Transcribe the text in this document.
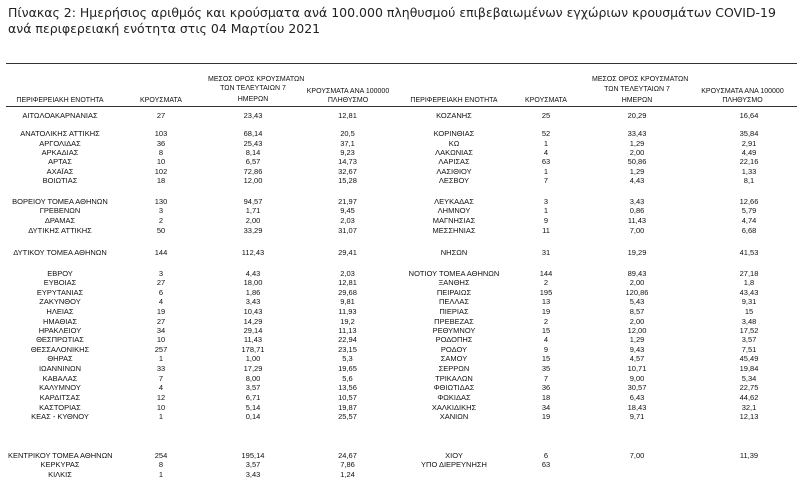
Πίνακας 2: Ημερήσιος αριθμός και κρούσματα ανά 100.000 πληθυσμού επιβεβαιωμένων εγχώριων κρουσμάτων COVID-19 ανά περιφερειακή ενότητα στις 04 Μαρτίου 2021
ΠΕΡΙΦΕΡΕΙΑΚΗ ΕΝΟΤΗΤΑ	ΚΡΟΥΣΜΑΤΑ
ΜΕΣΟΣ ΟΡΟΣ ΚΡΟΥΣΜΑΤΩΝ
ΤΩΝ ΤΕΛΕΥΤΑΙΩΝ 7
ΗΜΕΡΩΝ
ΚΡΟΥΣΜΑΤΑ ΑΝΑ 100000
ΠΛΗΘΥΣΜΟ	ΠΕΡΙΦΕΡΕΙΑΚΗ ΕΝΟΤΗΤΑ	ΚΡΟΥΣΜΑΤΑ
ΜΕΣΟΣ ΟΡΟΣ ΚΡΟΥΣΜΑΤΩΝ
ΤΩΝ ΤΕΛΕΥΤΑΙΩΝ 7
ΗΜΕΡΩΝ
ΚΡΟΥΣΜΑΤΑ ΑΝΑ 100000
ΠΛΗΘΥΣΜΟ
ΑΙΤΩΛΟΑΚΑΡΝΑΝΙΑΣ	27	23,43	12,81
ΑΝΑΤΟΛΙΚΗΣ ΑΤΤΙΚΗΣ	103	68,14	20,5
ΑΡΓΟΛΙΔΑΣ	36	25,43	37,1
ΑΡΚΑΔΙΑΣ	8	8,14	9,23
ΑΡΤΑΣ	10	6,57	14,73
ΑΧΑΪΑΣ	102	72,86	32,67
ΒΟΙΩΤΙΑΣ	18	12,00	15,28
ΒΟΡΕΙΟΥ ΤΟΜΕΑ ΑΘΗΝΩΝ	130	94,57	21,97
ΓΡΕΒΕΝΩΝ	3	1,71	9,45
ΔΡΑΜΑΣ	2	2,00	2,03
ΔΥΤΙΚΗΣ ΑΤΤΙΚΗΣ	50	33,29	31,07
ΔΥΤΙΚΟΥ ΤΟΜΕΑ ΑΘΗΝΩΝ	144	112,43	29,41
ΕΒΡΟΥ	3	4,43	2,03
ΕΥΒΟΙΑΣ	27	18,00	12,81
ΕΥΡΥΤΑΝΙΑΣ	6	1,86	29,68
ΖΑΚΥΝΘΟΥ	4	3,43	9,81
ΗΛΕΙΑΣ	19	10,43	11,93
ΗΜΑΘΙΑΣ	27	14,29	19,2
ΗΡΑΚΛΕΙΟΥ	34	29,14	11,13
ΘΕΣΠΡΩΤΙΑΣ	10	11,43	22,94
ΘΕΣΣΑΛΟΝΙΚΗΣ	257	178,71	23,15
ΘΗΡΑΣ	1	1,00	5,3
ΙΩΑΝΝΙΝΩΝ	33	17,29	19,65
ΚΑΒΑΛΑΣ	7	8,00	5,6
ΚΑΛΥΜΝΟΥ	4	3,57	13,56
ΚΑΡΔΙΤΣΑΣ	12	6,71	10,57
ΚΑΣΤΟΡΙΑΣ	10	5,14	19,87
ΚΕΑΣ - ΚΥΘΝΟΥ	1	0,14	25,57
ΚΕΝΤΡΙΚΟΥ ΤΟΜΕΑ ΑΘΗΝΩΝ	254	195,14	24,67
ΚΕΡΚΥΡΑΣ	8	3,57	7,86
ΚΙΛΚΙΣ	1	3,43	1,24
ΚΟΖΑΝΗΣ	25	20,29	16,64
ΚΟΡΙΝΘΙΑΣ	52	33,43	35,84
ΚΩ	1	1,29	2,91
ΛΑΚΩΝΙΑΣ	4	2,00	4,49
ΛΑΡΙΣΑΣ	63	50,86	22,16
ΛΑΣΙΘΙΟΥ	1	1,29	1,33
ΛΕΣΒΟΥ	7	4,43	8,1
ΛΕΥΚΑΔΑΣ	3	3,43	12,66
ΛΗΜΝΟΥ	1	0,86	5,79
ΜΑΓΝΗΣΙΑΣ	9	11,43	4,74
ΜΕΣΣΗΝΙΑΣ	11	7,00	6,68
ΝΗΣΩΝ	31	19,29	41,53
ΝΟΤΙΟΥ ΤΟΜΕΑ ΑΘΗΝΩΝ	144	89,43	27,18
ΞΑΝΘΗΣ	2	2,00	1,8
ΠΕΙΡΑΙΩΣ	195	120,86	43,43
ΠΕΛΛΑΣ	13	5,43	9,31
ΠΙΕΡΙΑΣ	19	8,57	15
ΠΡΕΒΕΖΑΣ	2	2,00	3,48
ΡΕΘΥΜΝΟΥ	15	12,00	17,52
ΡΟΔΟΠΗΣ	4	1,29	3,57
ΡΟΔΟΥ	9	9,43	7,51
ΣΑΜΟΥ	15	4,57	45,49
ΣΕΡΡΩΝ	35	10,71	19,84
ΤΡΙΚΑΛΩΝ	7	9,00	5,34
ΦΘΙΩΤΙΔΑΣ	36	30,57	22,75
ΦΩΚΙΔΑΣ	18	6,43	44,62
ΧΑΛΚΙΔΙΚΗΣ	34	18,43	32,1
ΧΑΝΙΩΝ	19	9,71	12,13
ΧΙΟΥ	6	7,00	11,39
ΥΠΟ ΔΙΕΡΕΥΝΗΣΗ	63
